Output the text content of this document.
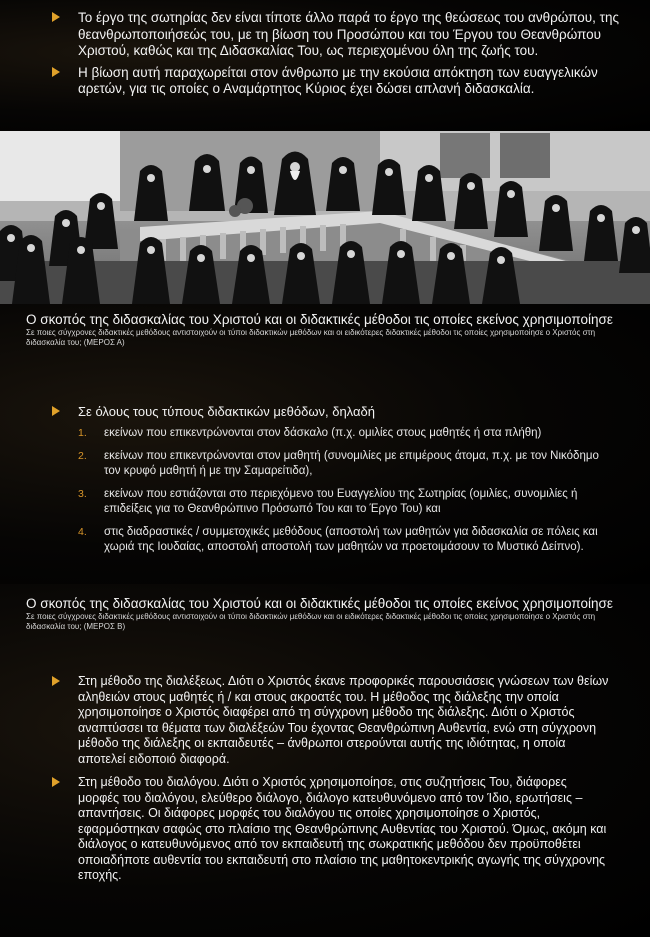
Το έργο της σωτηρίας δεν είναι τίποτε άλλο παρά το έργο της θεώσεως του ανθρώπου, της θεανθρωποποιήσεώς του, με τη βίωση του Προσώπου και του Έργου του Θεανθρώπου Χριστού, καθώς και της Διδασκαλίας Του, ως περιεχομένου όλη της ζωής του.
Η βίωση αυτή παραχωρείται στον άνθρωπο με την εκούσια απόκτηση των ευαγγελικών αρετών, για τις οποίες ο Αναμάρτητος Κύριος έχει δώσει απλανή διδασκαλία.
Ο σκοπός της διδασκαλίας του Χριστού και οι διδακτικές μέθοδοι τις οποίες εκείνος χρησιμοποίησε
Σε ποιες σύγχρονες διδακτικές μεθόδους αντιστοιχούν οι τύποι διδακτικών μεθόδων και οι ειδικότερες διδακτικές μέθοδοι τις οποίες χρησιμοποίησε ο Χριστός στη διδασκαλία του; (ΜΕΡΟΣ Α)
Σε όλους τους τύπους διδακτικών μεθόδων, δηλαδή
1. εκείνων που επικεντρώνονται στον δάσκαλο (π.χ. ομιλίες στους μαθητές ή στα πλήθη)
2. εκείνων που επικεντρώνονται στον μαθητή (συνομιλίες με επιμέρους άτομα, π.χ. με τον Νικόδημο τον κρυφό μαθητή ή με την Σαμαρείτιδα),
3. εκείνων που εστιάζονται στο περιεχόμενο του Ευαγγελίου της Σωτηρίας (ομιλίες, συνομιλίες ή επιδείξεις για το Θεανθρώπινο Πρόσωπό Του και το Έργο Του) και
4. στις διαδραστικές / συμμετοχικές μεθόδους (αποστολή των μαθητών για διδασκαλία σε πόλεις και χωριά της Ιουδαίας, αποστολή αποστολή των μαθητών να προετοιμάσουν το Μυστικό Δείπνο).
Ο σκοπός της διδασκαλίας του Χριστού και οι διδακτικές μέθοδοι τις οποίες εκείνος χρησιμοποίησε
Σε ποιες σύγχρονες διδακτικές μεθόδους αντιστοιχούν οι τύποι διδακτικών μεθόδων και οι ειδικότερες διδακτικές μέθοδοι τις οποίες χρησιμοποίησε ο Χριστός στη διδασκαλία του; (ΜΕΡΟΣ Β)
Στη μέθοδο της διαλέξεως. Διότι ο Χριστός έκανε προφορικές παρουσιάσεις γνώσεων των θείων αληθειών στους μαθητές ή / και στους ακροατές του. Η μέθοδος της διάλεξης την οποία χρησιμοποίησε ο Χριστός διαφέρει από τη σύγχρονη μέθοδο της διάλεξης. Διότι ο Χριστός αναπτύσσει τα θέματα των διαλέξεών Του έχοντας Θεανθρώπινη Αυθεντία, ενώ στη σύγχρονη μέθοδο της διάλεξης οι εκπαιδευτές – άνθρωποι στερούνται αυτής της ιδιότητας, η οποία αποτελεί ειδοποιό διαφορά.
Στη μέθοδο του διαλόγου. Διότι ο Χριστός χρησιμοποίησε, στις συζητήσεις Του, διάφορες μορφές του διαλόγου, ελεύθερο διάλογο, διάλογο κατευθυνόμενο από τον Ίδιο, ερωτήσεις – απαντήσεις. Οι διάφορες μορφές του διαλόγου τις οποίες χρησιμοποίησε ο Χριστός, εφαρμόστηκαν σαφώς στο πλαίσιο της Θεανθρώπινης Αυθεντίας του Χριστού. Όμως, ακόμη και διάλογος ο κατευθυνόμενος από τον εκπαιδευτή της σωκρατικής μεθόδου δεν προϋποθέτει οποιαδήποτε αυθεντία του εκπαιδευτή στο πλαίσιο της μαθητοκεντρικής αγωγής της σύγχρονης εποχής.
